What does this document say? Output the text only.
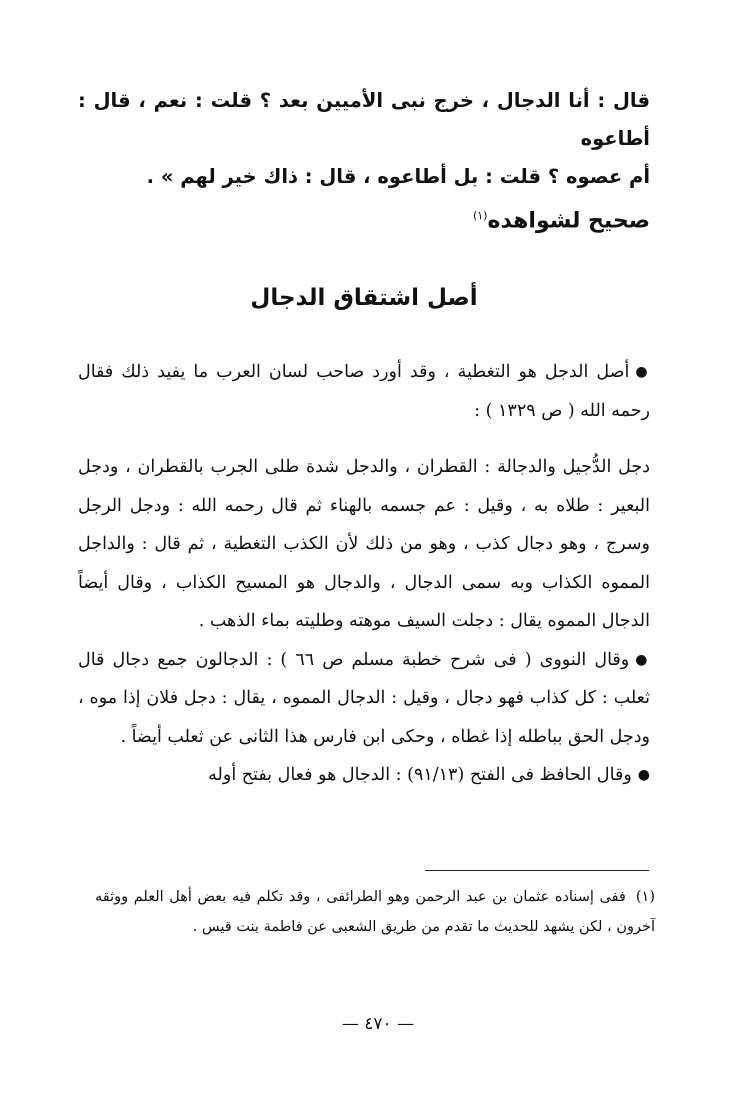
قال : أنا الدجال ، خرج نبى الأميين بعد ؟ قلت : نعم ، قال : أطاعوه

أم عصوه ؟ قلت : بل أطاعوه ، قال : ذاك خير لهم » .

صحيح لشواهده$^{(١)}$

أصل اشتقاق الدجال

●أصل الدجل هو التغطية ، وقد أورد صاحب لسان العرب ما يفيد ذلك فقال رحمه الله ( ص ١٣٢٩ ) :

دجل الدُّجيل والدجالة : القطران ، والدجل شدة طلى الجرب بالقطران ، ودجل البعير : طلاه به ، وقيل : عم جسمه بالهناء ثم قال رحمه الله : ودجل الرجل وسرج ، وهو دجال كذب ، وهو من ذلك لأن الكذب التغطية ، ثم قال : والداجل المموه الكذاب وبه سمى الدجال ، والدجال هو المسيح الكذاب ، وقال أيضاً الدجال المموه يقال : دجلت السيف موهته وطليته بماء الذهب .

●وقال النووى ( فى شرح خطبة مسلم ص ٦٦ ) : الدجالون جمع دجال قال ثعلب : كل كذاب فهو دجال ، وقيل : الدجال المموه ، يقال : دجل فلان إذا موه ، ودجل الحق بباطله إذا غطاه ، وحكى ابن فارس هذا الثانى عن ثعلب أيضاً .

●وقال الحافظ فى الفتح (٩١/١٣) : الدجال هو فعال بفتح أوله

(١)ففى إسناده عثمان بن عبد الرحمن وهو الطرائفى ، وقد تكلم فيه بعض أهل العلم ووثقه آخرون ، لكن يشهد للحديث ما تقدم من طريق الشعبى عن فاطمة بنت قيس .
— ٤٧٠ —
